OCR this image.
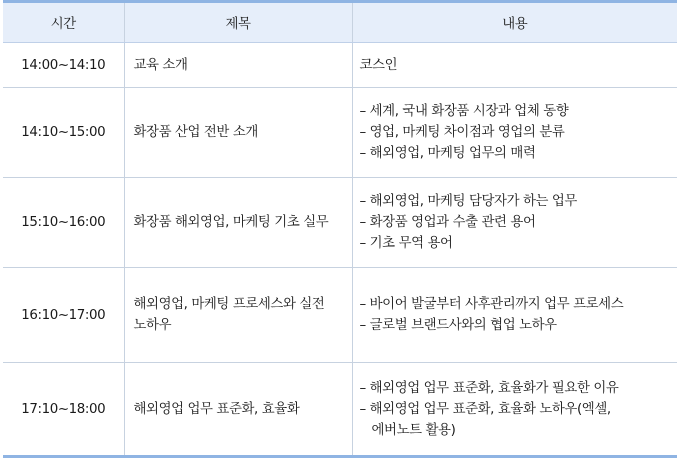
시간	제목	내용
14:00~14:10	교육 소개	코스인

14:10~15:00	화장품 산업 전반 소개	– 세계, 국내 화장품 시장과 업체 동향
– 영업, 마케팅 차이점과 영업의 분류
– 해외영업, 마케팅 업무의 매력

15:10~16:00	화장품 해외영업, 마케팅 기초 실무	– 해외영업, 마케팅 담당자가 하는 업무
– 화장품 영업과 수출 관련 용어
– 기초 무역 용어

16:10~17:00	해외영업, 마케팅 프로세스와 실전
노하우	– 바이어 발굴부터 사후관리까지 업무 프로세스
– 글로벌 브랜드사와의 협업 노하우

17:10~18:00	해외영업 업무 표준화, 효율화	– 해외영업 업무 표준화, 효율화가 필요한 이유
– 해외영업 업무 표준화, 효율화 노하우(엑셀,
에버노트 활용)
